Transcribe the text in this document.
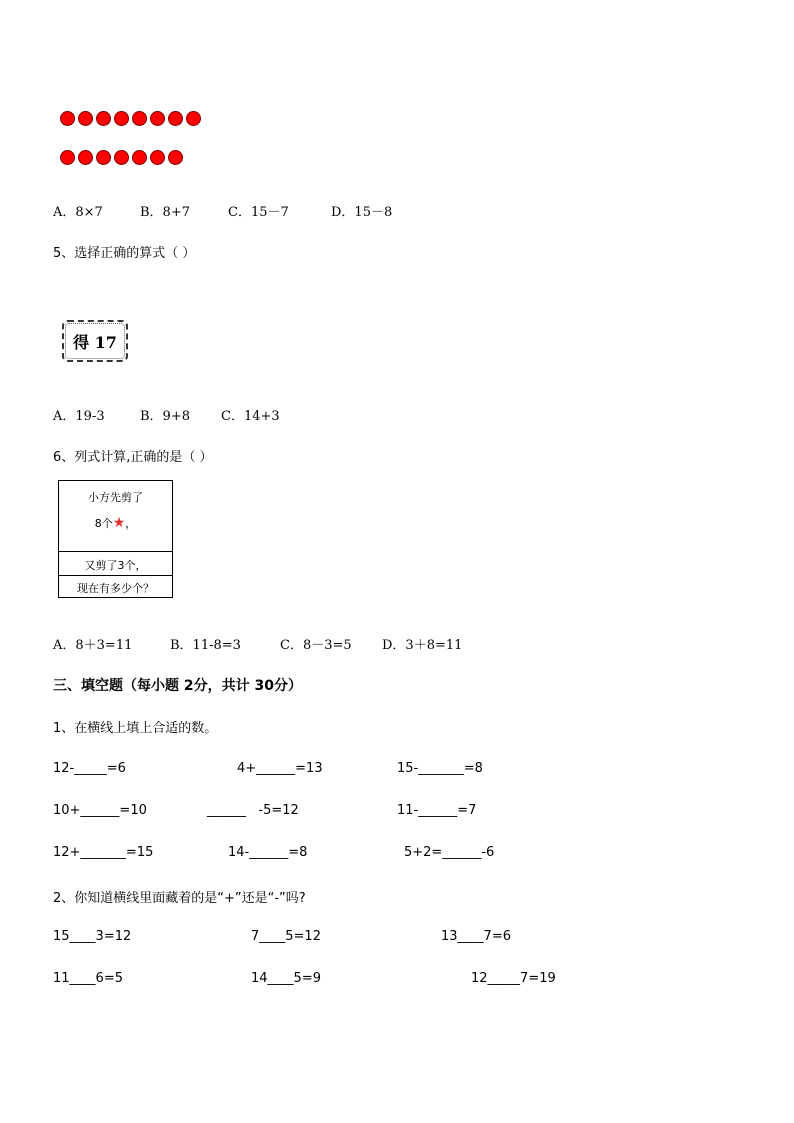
A．8×7	B．8+7	C．15－7	D．15－8
5、选择正确的算式（ ）
得 17
A．19-3	B．9+8 C．14+3
6、列式计算,正确的是（ ）
小方先剪了
8个★，
又剪了3个，
现在有多少个？
A．8＋3=11	B．11-8=3	C．8－3=5 D．3＋8=11
三、填空题（每小题 2分，共计 30分）
1、在横线上填上合适的数。
12-_____=6	4+______=13	15-_______=8
10+______=10	______   -5=12	11-______=7
12+_______=15	14-______=8	5+2=______-6
2、你知道横线里面藏着的是“+”还是“-”吗?
15____3=12	7____5=12	13____7=6
11____6=5	14____5=9	12_____7=19
